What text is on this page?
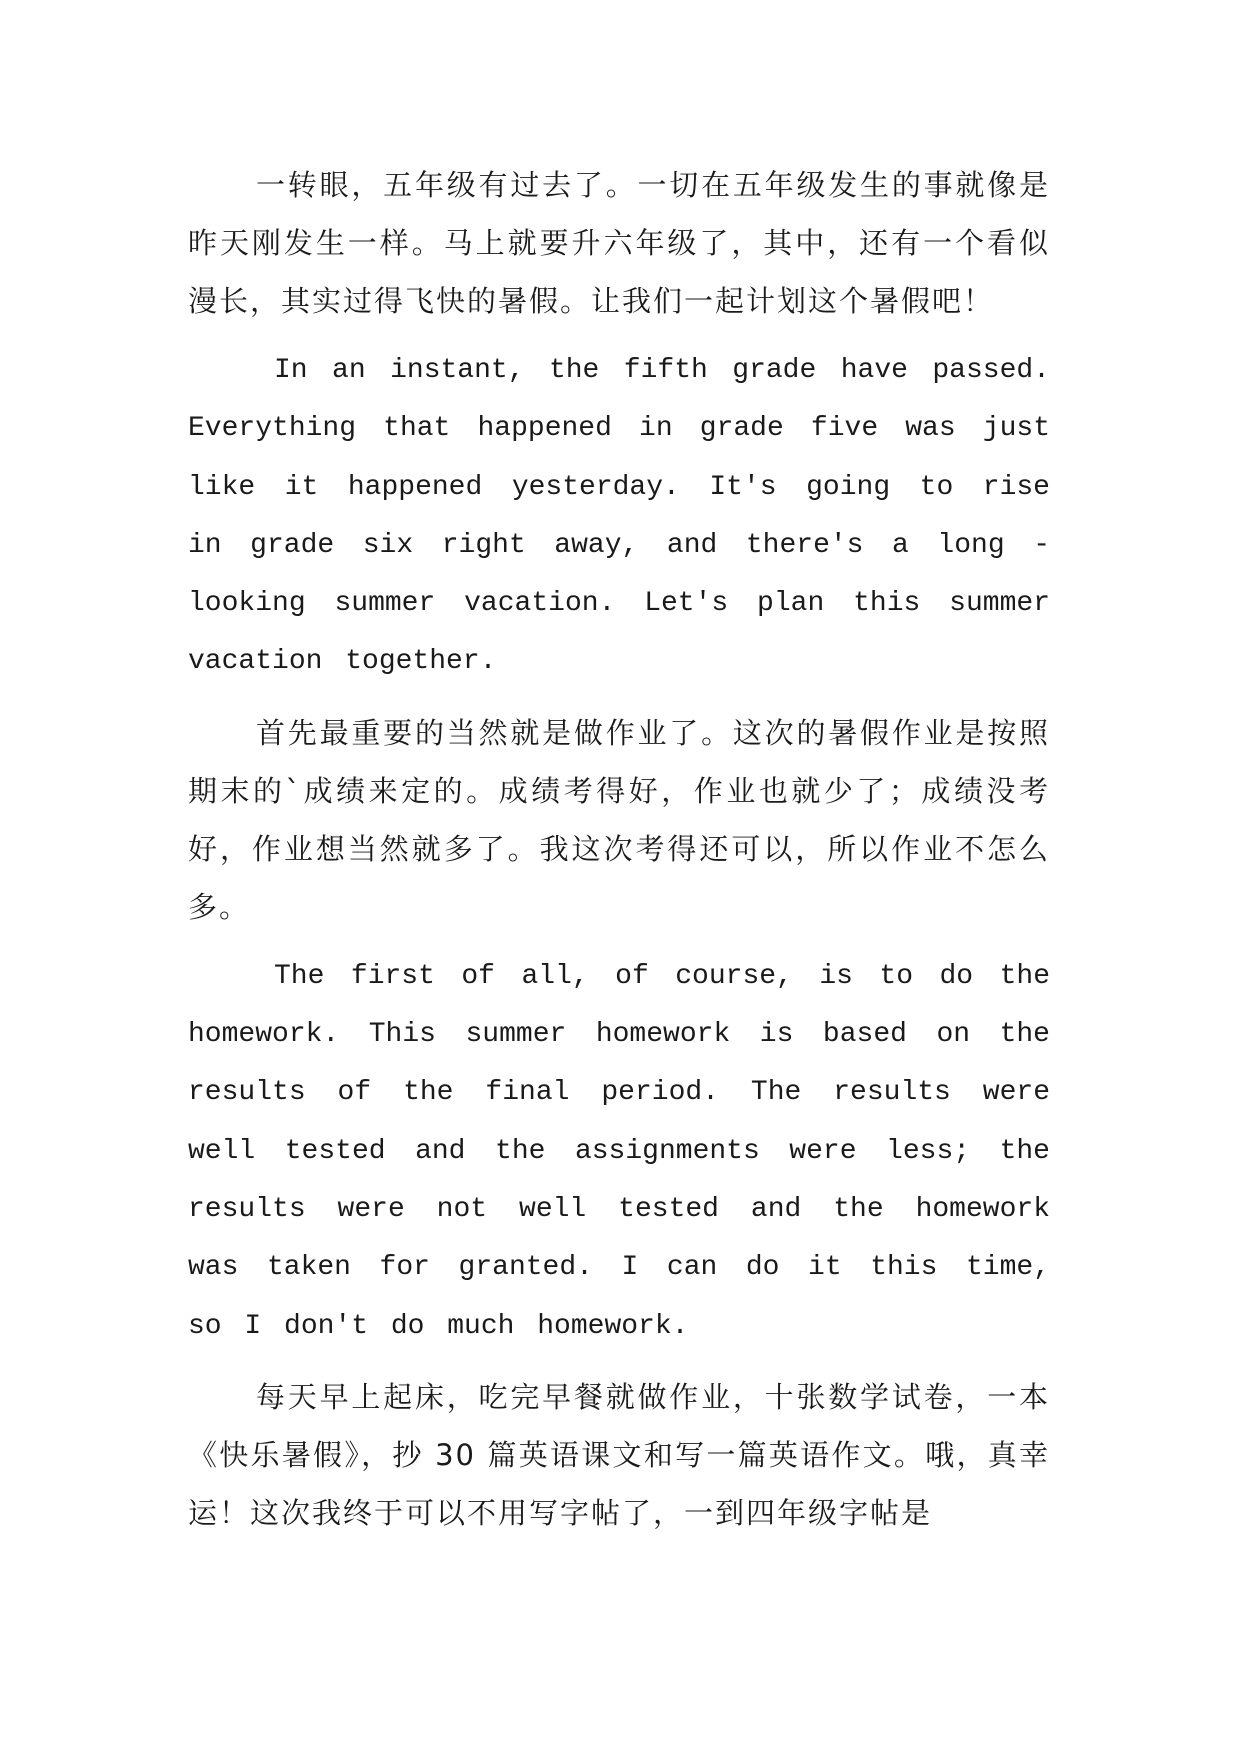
一转眼，五年级有过去了。一切在五年级发生的事就像是昨天刚发生一样。马上就要升六年级了，其中，还有一个看似漫长，其实过得飞快的暑假。让我们一起计划这个暑假吧！

In an instant, the fifth grade have passed. Everything that happened in grade five was just like it happened yesterday. It's going to rise in grade six right away, and there's a long - looking summer vacation. Let's plan this summer vacation together.

首先最重要的当然就是做作业了。这次的暑假作业是按照期末的`成绩来定的。成绩考得好，作业也就少了；成绩没考好，作业想当然就多了。我这次考得还可以，所以作业不怎么多。

The first of all, of course, is to do the homework. This summer homework is based on the results of the final period. The results were well tested and the assignments were less; the results were not well tested and the homework was taken for granted. I can do it this time, so I don't do much homework.

每天早上起床，吃完早餐就做作业，十张数学试卷，一本《快乐暑假》，抄 30 篇英语课文和写一篇英语作文。哦，真幸运！这次我终于可以不用写字帖了，一到四年级字帖是
